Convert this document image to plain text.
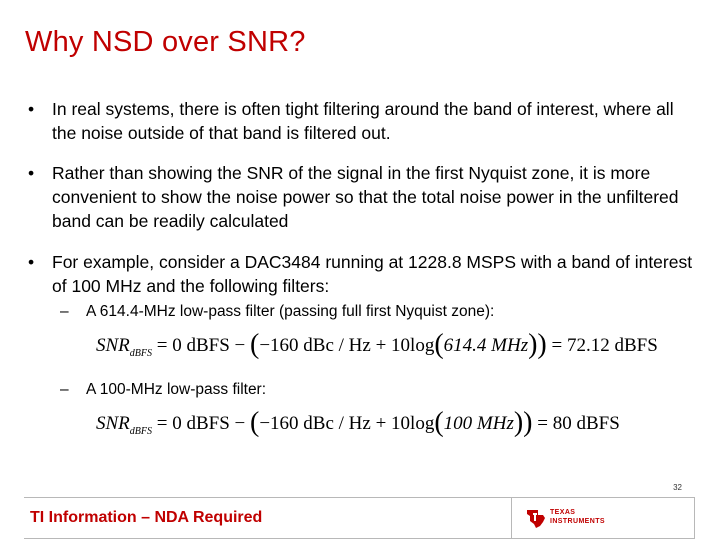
Why NSD over SNR?
• In real systems, there is often tight filtering around the band of interest, where all the noise outside of that band is filtered out.
• Rather than showing the SNR of the signal in the first Nyquist zone, it is more convenient to show the noise power so that the total noise power in the unfiltered band can be readily calculated
• For example, consider a DAC3484 running at 1228.8 MSPS with a band of interest of 100 MHz and the following filters:
– A 614.4-MHz low-pass filter (passing full first Nyquist zone):
$SNR_{dBFS} = 0$ dBFS − (−160 dBc / Hz + 10log(614.4 MHz)) = 72.12 dBFS
– A 100-MHz low-pass filter:
$SNR_{dBFS} = 0$ dBFS − (−160 dBc / Hz + 10log(100 MHz)) = 80 dBFS
32
TI Information – NDA Required	TEXAS
INSTRUMENTS
